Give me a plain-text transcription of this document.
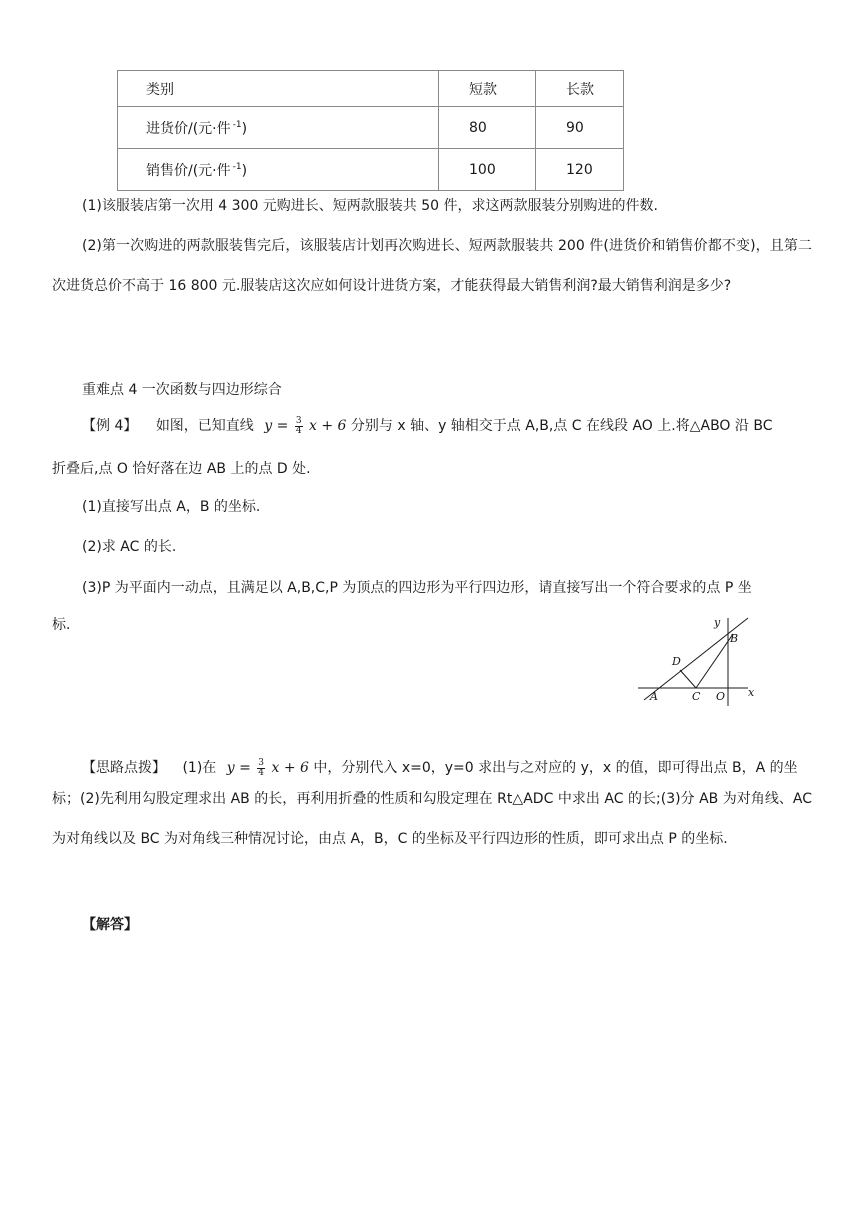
类别	短款	长款
进货价/(元·件 $^{-1}$)	80	90
销售价/(元·件 $^{-1}$)	100	120
(1)该服装店第一次用 4 300 元购进长、短两款服装共 50 件，求这两款服装分别购进的件数.
(2)第一次购进的两款服装售完后，该服装店计划再次购进长、短两款服装共 200 件(进货价和销售价都不变)，且第二次进货总价不高于 16 800 元.服装店这次应如何设计进货方案，才能获得最大销售利润?最大销售利润是多少?
重难点 4 一次函数与四边形综合
【例 4】 如图，已知直线 $y = \frac{3}{4}$ x + 6 分别与 x 轴、y 轴相交于点 A,B,点 C 在线段 AO 上.将△ABO 沿 BC
折叠后,点 O 恰好落在边 AB 上的点 D 处.
(1)直接写出点 A，B 的坐标.
(2)求 AC 的长.
(3)P 为平面内一动点，且满足以 A,B,C,P 为顶点的四边形为平行四边形，请直接写出一个符合要求的点 P 坐
标.	y
B
D
A	C O x
【思路点拨】 (1)在 $y = \frac{3}{4}$ x + 6 中，分别代入 x=0，y=0 求出与之对应的 y，x 的值，即可得出点 B，A 的坐
标；(2)先利用勾股定理求出 AB 的长，再利用折叠的性质和勾股定理在 Rt△ADC 中求出 AC 的长;(3)分 AB 为对角线、AC 为对角线以及 BC 为对角线三种情况讨论，由点 A，B，C 的坐标及平行四边形的性质，即可求出点 P 的坐标.
【解答】
